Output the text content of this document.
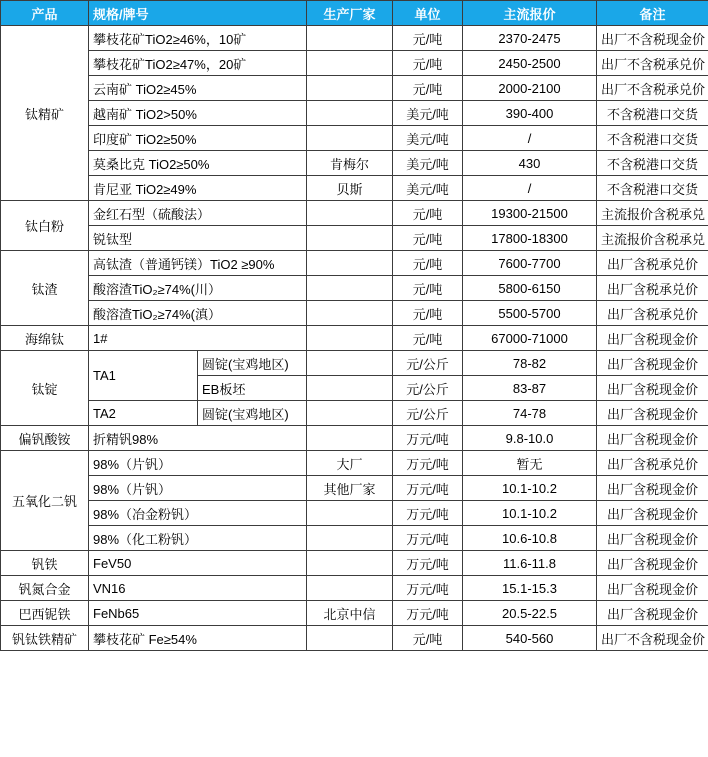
产品	规格/牌号		生产厂家	单位	主流报价	备注
钛精矿	攀枝花矿TiO2≥46%，10矿			元/吨	2370-2475	出厂不含税现金价
	攀枝花矿TiO2≥47%，20矿			元/吨	2450-2500	出厂不含税承兑价
	云南矿 TiO2≥45%			元/吨	2000-2100	出厂不含税承兑价
	越南矿 TiO2>50%			美元/吨	390-400	不含税港口交货
	印度矿 TiO2≥50%			美元/吨	/	不含税港口交货
	莫桑比克 TiO2≥50%		肯梅尔	美元/吨	430	不含税港口交货
	肯尼亚 TiO2≥49%		贝斯	美元/吨	/	不含税港口交货
钛白粉	金红石型（硫酸法）			元/吨	19300-21500	主流报价含税承兑
	锐钛型			元/吨	17800-18300	主流报价含税承兑
钛渣	高钛渣（普通钙镁）TiO2 ≥90%			元/吨	7600-7700	出厂含税承兑价
	酸溶渣TiO₂≥74%(川）			元/吨	5800-6150	出厂含税承兑价
	酸溶渣TiO₂≥74%(滇）			元/吨	5500-5700	出厂含税承兑价
海绵钛	1#			元/吨	67000-71000	出厂含税现金价
钛锭	TA1	圆锭(宝鸡地区)		元/公斤	78-82	出厂含税现金价
		EB板坯		元/公斤	83-87	出厂含税现金价
	TA2	圆锭(宝鸡地区)		元/公斤	74-78	出厂含税现金价
偏钒酸铵	折精钒98%			万元/吨	9.8-10.0	出厂含税现金价
五氧化二钒	98%（片钒）		大厂	万元/吨	暂无	出厂含税承兑价
	98%（片钒）		其他厂家	万元/吨	10.1-10.2	出厂含税现金价
	98%（冶金粉钒）			万元/吨	10.1-10.2	出厂含税现金价
	98%（化工粉钒）			万元/吨	10.6-10.8	出厂含税现金价
钒铁	FeV50			万元/吨	11.6-11.8	出厂含税现金价
钒氮合金	VN16			万元/吨	15.1-15.3	出厂含税现金价
巴西铌铁	FeNb65		北京中信	万元/吨	20.5-22.5	出厂含税现金价
钒钛铁精矿	攀枝花矿 Fe≥54%			元/吨	540-560	出厂不含税现金价
